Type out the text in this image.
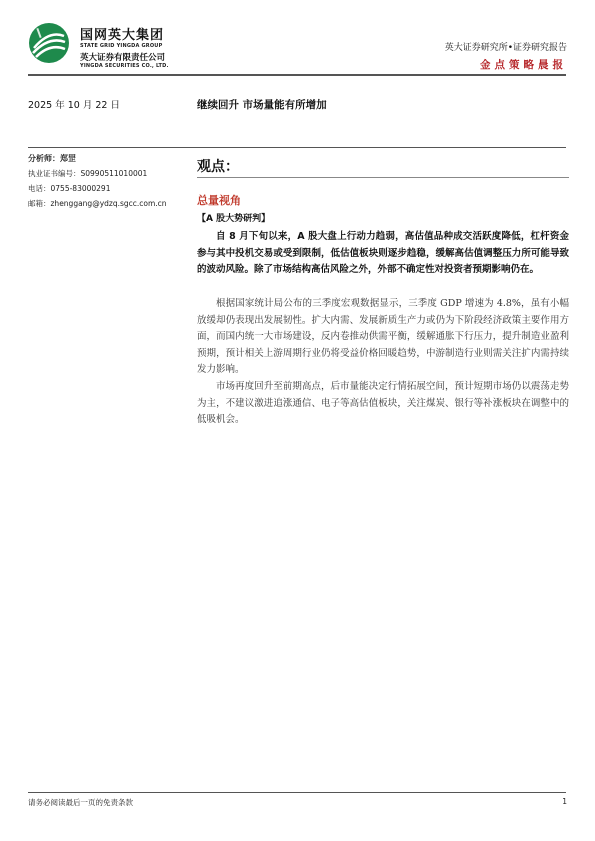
国网英大集团
STATE GRID YINGDA GROUP
英大证券有限责任公司
YINGDA SECURITIES CO., LTD.
英大证券研究所•证券研究报告
金点策略晨报
2025 年 10 月 22 日	继续回升 市场量能有所增加
分析师：郑罡
执业证书编号：S0990511010001
电话：0755-83000291
邮箱：zhenggang@ydzq.sgcc.com.cn
观点：
总量视角
【A 股大势研判】

自 8 月下旬以来，A 股大盘上行动力趋弱，高估值品种成交活跃度降低，杠杆资金参与其中投机交易或受到限制，低估值板块则逐步趋稳，缓解高估值调整压力所可能导致的波动风险。除了市场结构高估风险之外，外部不确定性对投资者预期影响仍在。

根据国家统计局公布的三季度宏观数据显示，三季度 GDP 增速为 4.8%，虽有小幅放缓却仍表现出发展韧性。扩大内需、发展新质生产力或仍为下阶段经济政策主要作用方面，而国内统一大市场建设，反内卷推动供需平衡，缓解通胀下行压力，提升制造业盈利预期，预计相关上游周期行业仍将受益价格回暖趋势，中游制造行业则需关注扩内需持续发力影响。

市场再度回升至前期高点，后市量能决定行情拓展空间，预计短期市场仍以震荡走势为主，不建议激进追涨通信、电子等高估值板块，关注煤炭、银行等补涨板块在调整中的低吸机会。

请务必阅读最后一页的免责条款	1
